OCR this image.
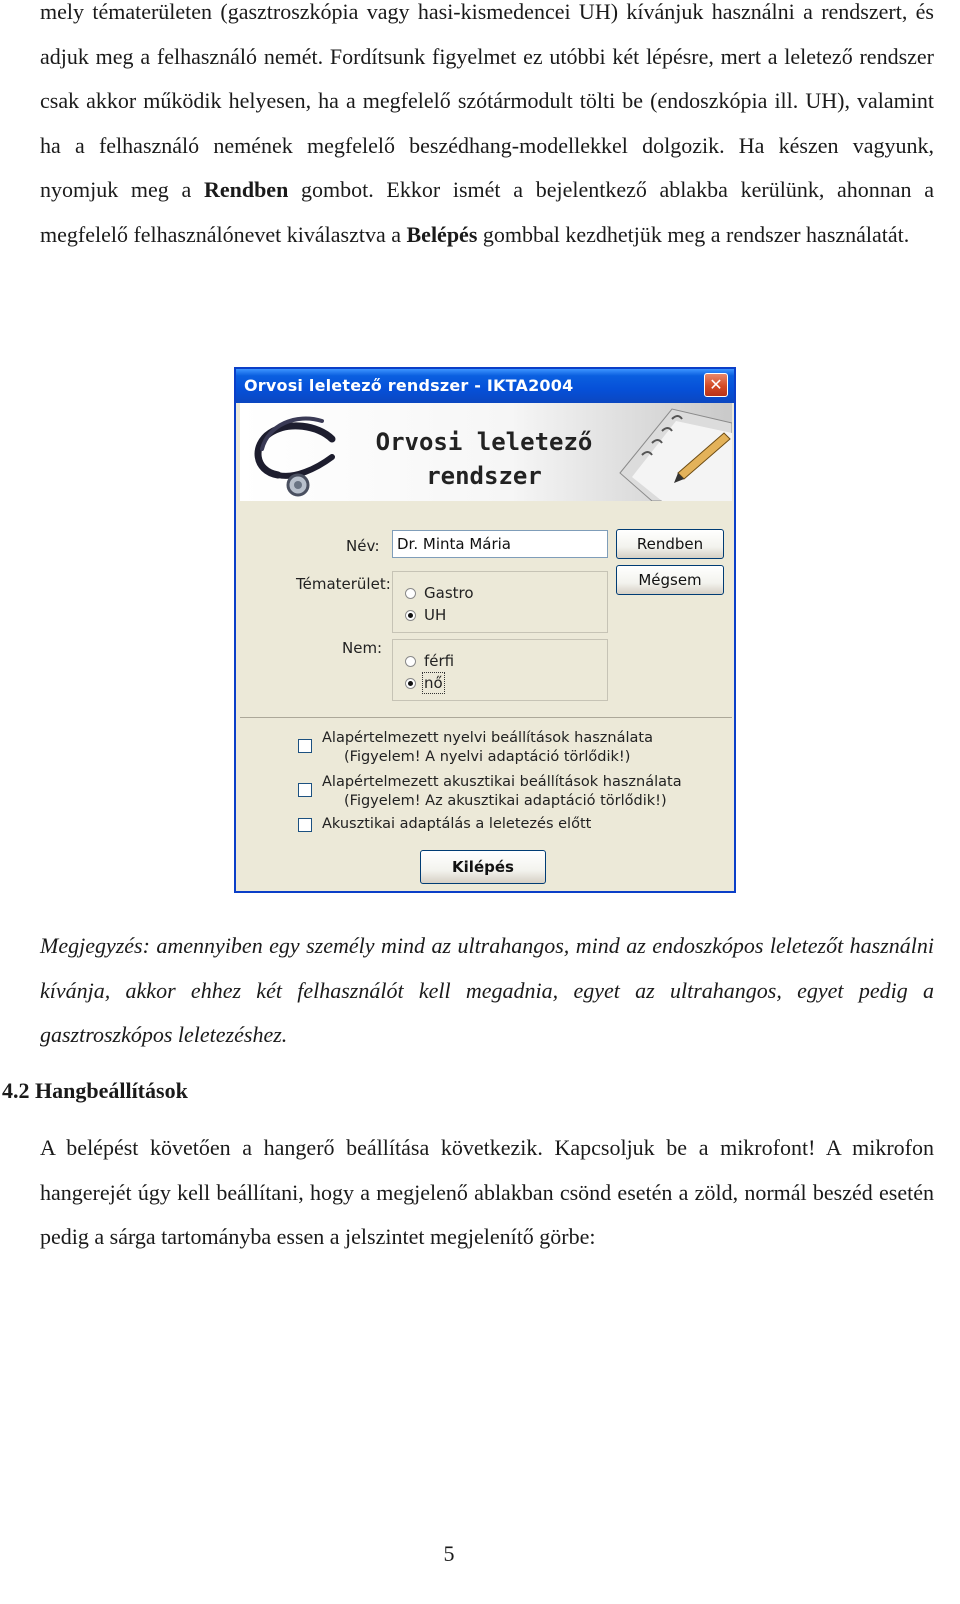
mely tématerületen (gasztroszkópia vagy hasi-kismedencei UH) kívánjuk használni a rendszert, és adjuk meg a felhasználó nemét. Fordítsunk figyelmet ez utóbbi két lépésre, mert a leletező rendszer csak akkor működik helyesen, ha a megfelelő szótármodult tölti be (endoszkópia ill. UH), valamint ha a felhasználó nemének megfelelő beszédhang-modellekkel dolgozik. Ha készen vagyunk, nyomjuk meg a Rendben gombot. Ekkor ismét a bejelentkező ablakba kerülünk, ahonnan a megfelelő felhasználónevet kiválasztva a Belépés gombbal kezdhetjük meg a rendszer használatát.

Orvosi leletező rendszer - IKTA2004	✕
Orvosi leletező
rendszer
Név:
Dr. Minta Mária	Rendben
Mégsem
Tématerület:	Gastro
UH
Nem:
férfi
nő
Alapértelmezett nyelvi beállítások használata
(Figyelem! A nyelvi adaptáció törlődik!)
Alapértelmezett akusztikai beállítások használata
(Figyelem! Az akusztikai adaptáció törlődik!)
Akusztikai adaptálás a leletezés előtt
Kilépés

Megjegyzés: amennyiben egy személy mind az ultrahangos, mind az endoszkópos leletezőt használni kívánja, akkor ehhez két felhasználót kell megadnia, egyet az ultrahangos, egyet pedig a gasztroszkópos leletezéshez.

4.2 Hangbeállítások

A belépést követően a hangerő beállítása következik. Kapcsoljuk be a mikrofont! A mikrofon hangerejét úgy kell beállítani, hogy a megjelenő ablakban csönd esetén a zöld, normál beszéd esetén pedig a sárga tartományba essen a jelszintet megjelenítő görbe:

5
